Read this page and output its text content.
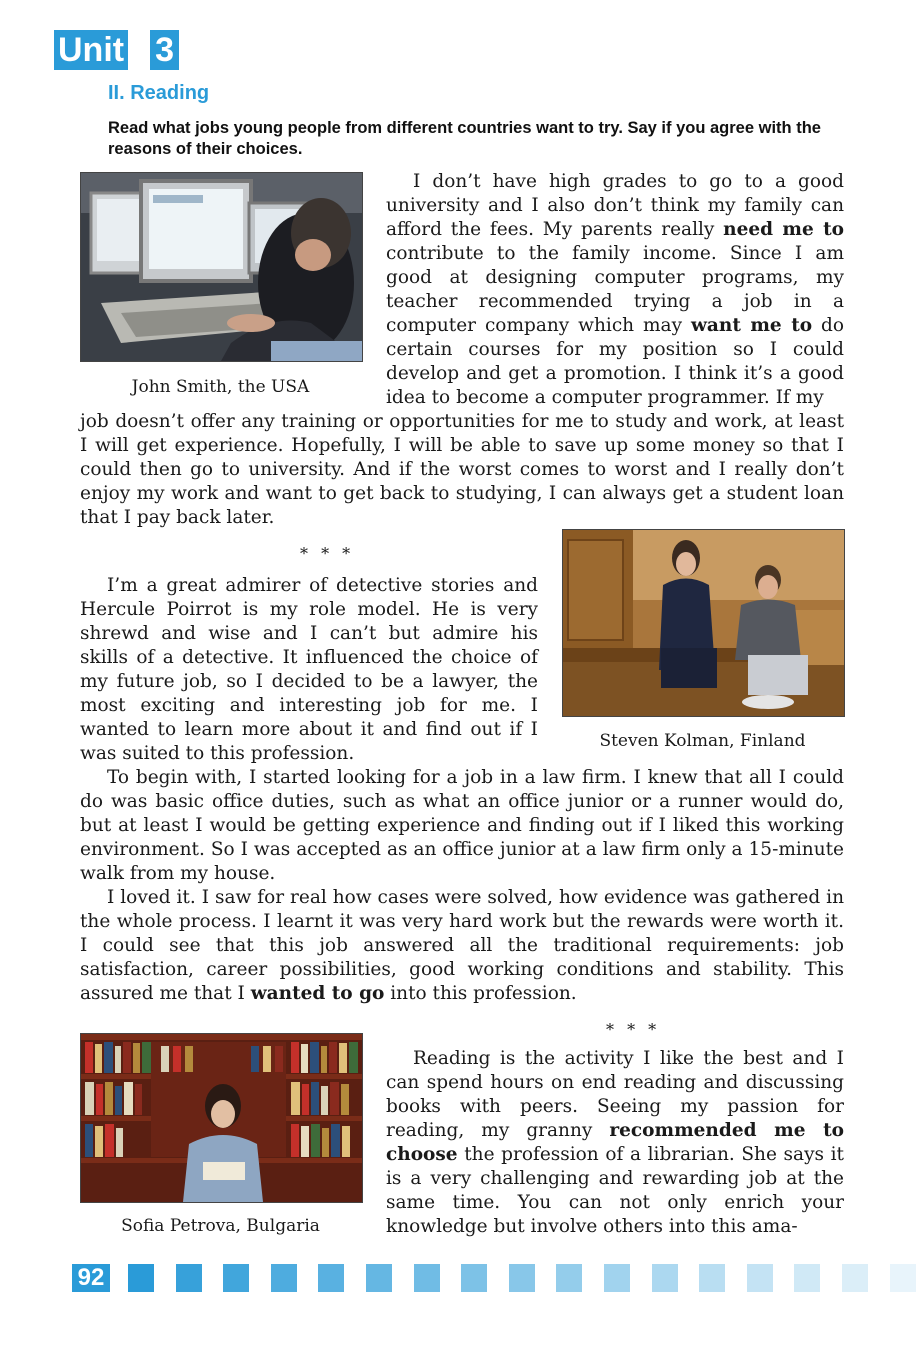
Unit 3
II. Reading

Read what jobs young people from different countries want to try. Say if you agree with the reasons of their choices.

John Smith, the USA

I don’t have high grades to go to a good university and I also don’t think my family can afford the fees. My parents really need me to contribute to the family income. Since I am good at designing computer programs, my teacher recommended trying a job in a computer company which may want me to do certain courses for my position so I could develop and get a promotion. I think it’s a good idea to become a computer programmer. If my

job doesn’t offer any training or opportunities for me to study and work, at least I will get experience. Hopefully, I will be able to save up some money so that I could then go to university. And if the worst comes to worst and I really don’t enjoy my work and want to get back to studying, I can always get a student loan that I pay back later.

* * *

I’m a great admirer of detective stories and Hercule Poirrot is my role model. He is very shrewd and wise and I can’t but admire his skills of a detective. It influenced the choice of my future job, so I decided to be a lawyer, the most exciting and interesting job for me. I wanted to learn more about it and find out if I was suited to this profession.

Steven Kolman, Finland

To begin with, I started looking for a job in a law firm. I knew that all I could do was basic office duties, such as what an office junior or a runner would do, but at least I would be getting experience and finding out if I liked this working environment. So I was accepted as an office junior at a law firm only a 15-minute walk from my house.

I loved it. I saw for real how cases were solved, how evidence was gathered in the whole process. I learnt it was very hard work but the rewards were worth it. I could see that this job answered all the traditional requirements: job satisfaction, career possibilities, good working conditions and stability. This assured me that I wanted to go into this profession.

* * *

Sofia Petrova, Bulgaria

Reading is the activity I like the best and I can spend hours on end reading and discussing books with peers. Seeing my passion for reading, my granny recommended me to choose the profession of a librarian. She says it is a very challenging and rewarding job at the same time. You can not only enrich your knowledge but involve others into this ama-

92
